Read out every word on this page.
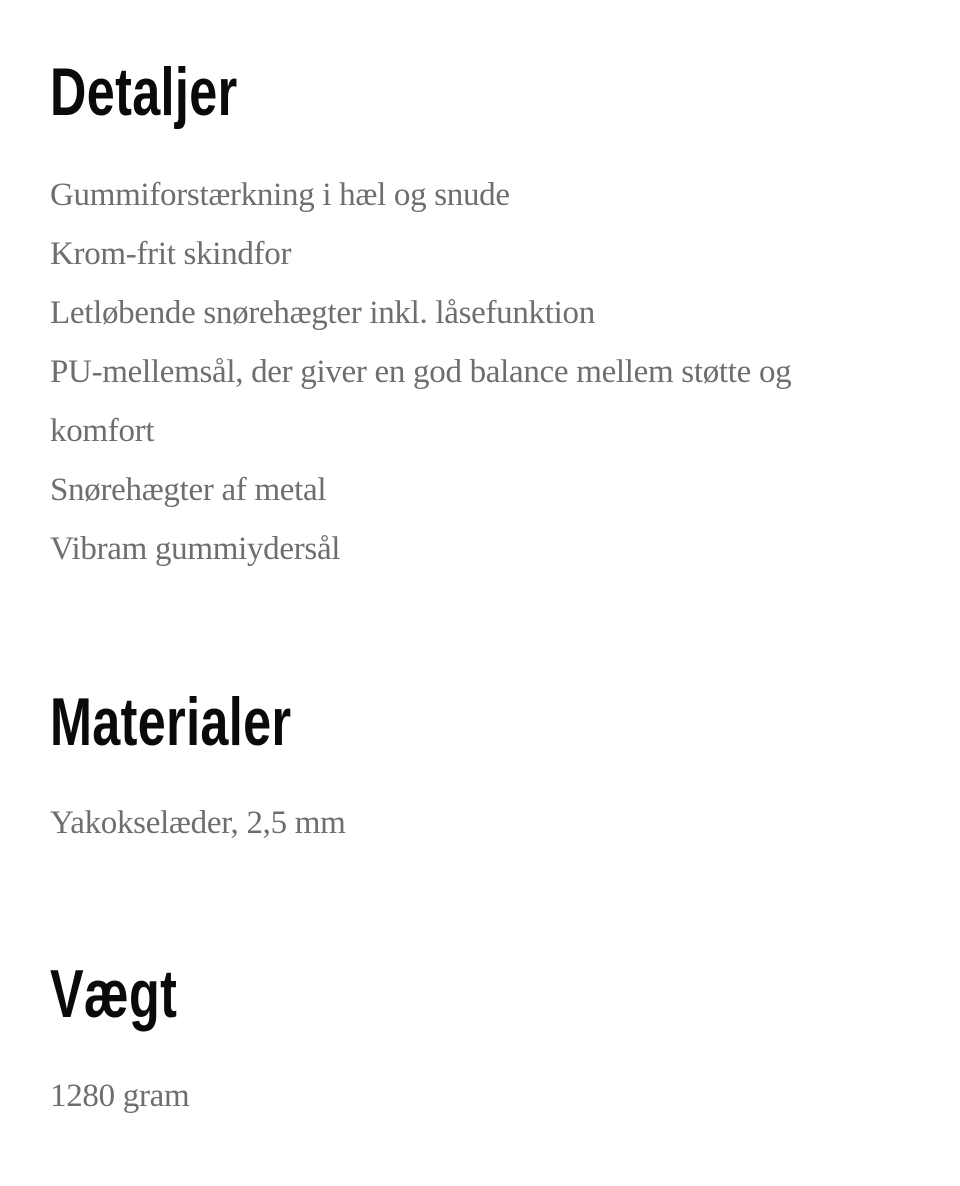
Detaljer
Gummiforstærkning i hæl og snude
Krom-frit skindfor
Letløbende snørehægter inkl. låsefunktion
PU-mellemsål, der giver en god balance mellem støtte og komfort
Snørehægter af metal
Vibram gummiydersål
Materialer

Yakokselæder, 2,5 mm

Vægt

1280 gram
